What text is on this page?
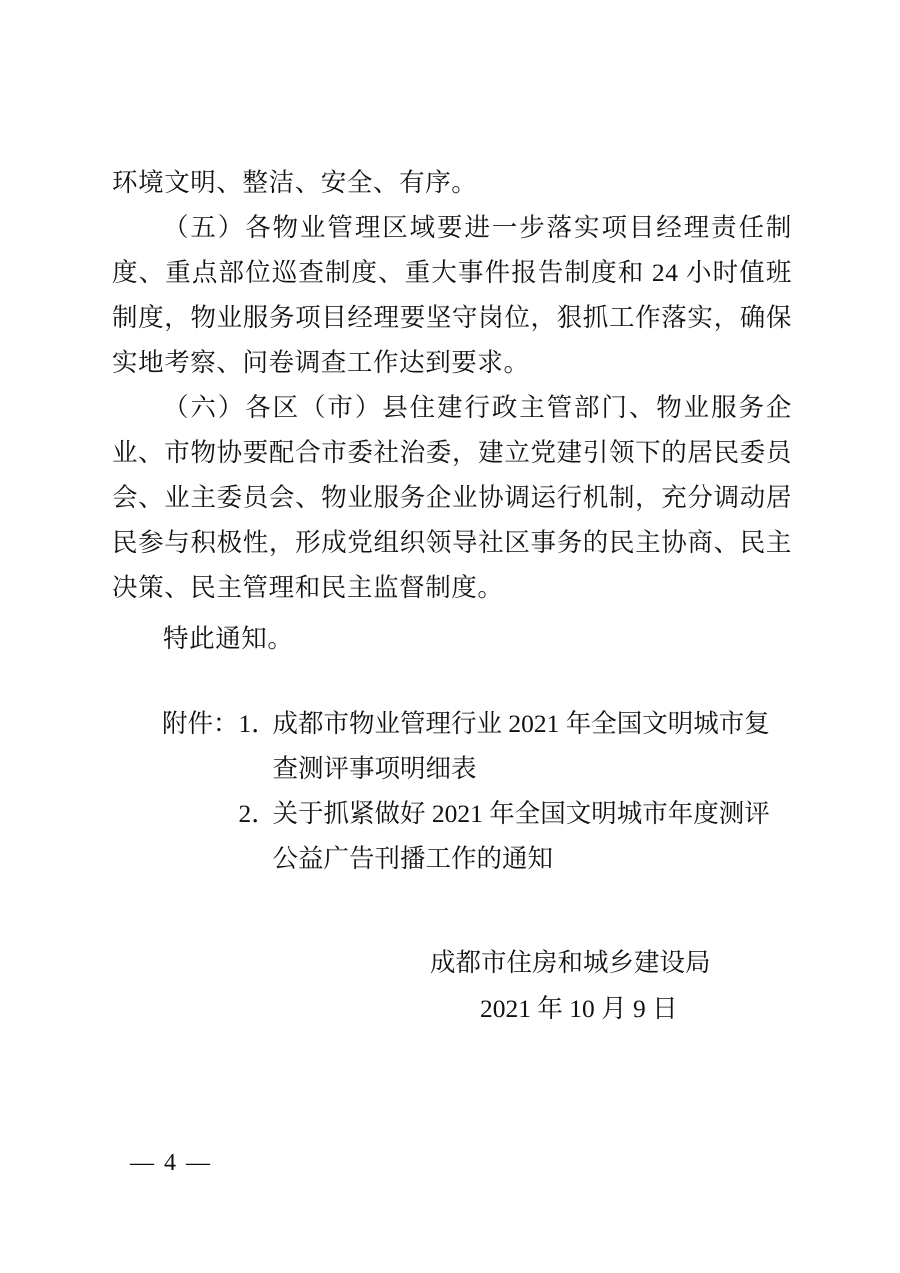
环境文明、整洁、安全、有序。

（五）各物业管理区域要进一步落实项目经理责任制度、重点部位巡查制度、重大事件报告制度和 24 小时值班制度，物业服务项目经理要坚守岗位，狠抓工作落实，确保实地考察、问卷调查工作达到要求。

（六）各区（市）县住建行政主管部门、物业服务企业、市物协要配合市委社治委，建立党建引领下的居民委员会、业主委员会、物业服务企业协调运行机制，充分调动居民参与积极性，形成党组织领导社区事务的民主协商、民主决策、民主管理和民主监督制度。

特此通知。

附件： 1．
成都市物业管理行业 2021 年全国文明城市复查测评事项明细表
2．
关于抓紧做好 2021 年全国文明城市年度测评公益广告刊播工作的通知
成都市住房和城乡建设局
2021 年 10 月 9 日
— 4 —
